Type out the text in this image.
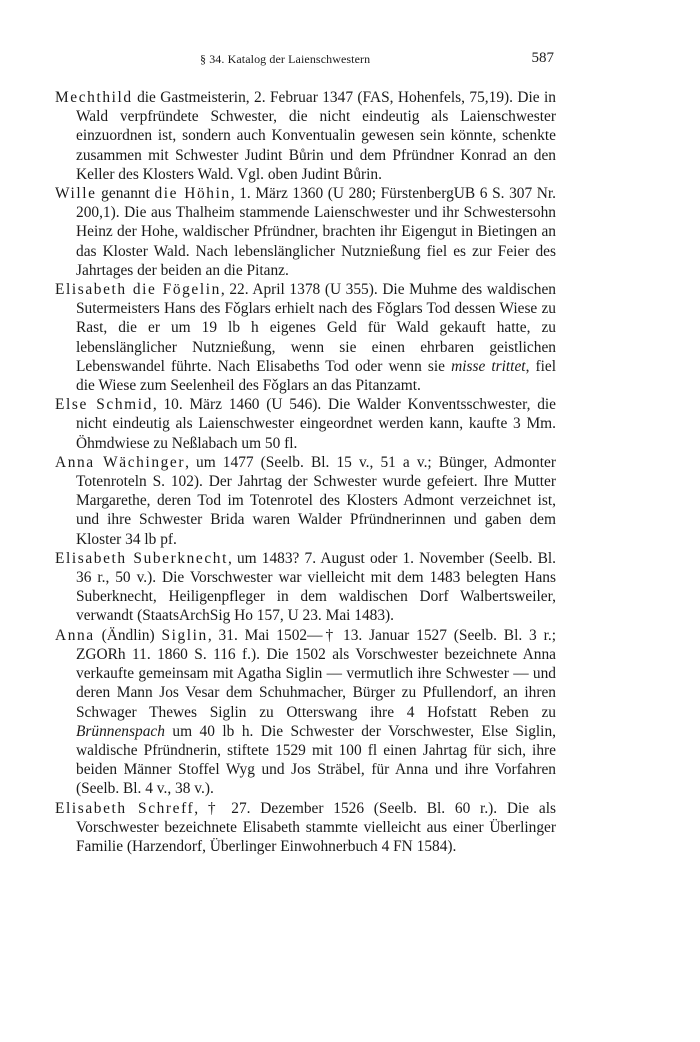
§ 34. Katalog der Laienschwestern	587

Mechthild die Gastmeisterin, 2. Februar 1347 (FAS, Hohenfels, 75,19). Die in Wald verpfründete Schwester, die nicht eindeutig als Laienschwester einzuordnen ist, sondern auch Konventualin gewesen sein könnte, schenkte zusammen mit Schwester Judint Bůrin und dem Pfründner Konrad an den Keller des Klosters Wald. Vgl. oben Judint Bůrin.

Wille genannt die Höhin, 1. März 1360 (U 280; FürstenbergUB 6 S. 307 Nr. 200,1). Die aus Thalheim stammende Laienschwester und ihr Schwestersohn Heinz der Hohe, waldischer Pfründner, brachten ihr Eigengut in Bietingen an das Kloster Wald. Nach lebenslänglicher Nutznießung fiel es zur Feier des Jahrtages der beiden an die Pitanz.

Elisabeth die Fögelin, 22. April 1378 (U 355). Die Muhme des waldischen Sutermeisters Hans des Fǒglars erhielt nach des Fǒglars Tod dessen Wiese zu Rast, die er um 19 lb h eigenes Geld für Wald gekauft hatte, zu lebenslänglicher Nutznießung, wenn sie einen ehrbaren geistlichen Lebenswandel führte. Nach Elisabeths Tod oder wenn sie misse trittet, fiel die Wiese zum Seelenheil des Fǒglars an das Pitanzamt.

Else Schmid, 10. März 1460 (U 546). Die Walder Konventsschwester, die nicht eindeutig als Laienschwester eingeordnet werden kann, kaufte 3 Mm. Öhmdwiese zu Neßlabach um 50 fl.

Anna Wächinger, um 1477 (Seelb. Bl. 15 v., 51 a v.; Bünger, Admonter Totenroteln S. 102). Der Jahrtag der Schwester wurde gefeiert. Ihre Mutter Margarethe, deren Tod im Totenrotel des Klosters Admont verzeichnet ist, und ihre Schwester Brida waren Walder Pfründnerinnen und gaben dem Kloster 34 lb pf.

Elisabeth Suberknecht, um 1483? 7. August oder 1. November (Seelb. Bl. 36 r., 50 v.). Die Vorschwester war vielleicht mit dem 1483 belegten Hans Suberknecht, Heiligenpfleger in dem waldischen Dorf Walbertsweiler, verwandt (StaatsArchSig Ho 157, U 23. Mai 1483).

Anna (Ändlin) Siglin, 31. Mai 1502—† 13. Januar 1527 (Seelb. Bl. 3 r.; ZGORh 11. 1860 S. 116 f.). Die 1502 als Vorschwester bezeichnete Anna verkaufte gemeinsam mit Agatha Siglin — vermutlich ihre Schwester — und deren Mann Jos Vesar dem Schuhmacher, Bürger zu Pfullendorf, an ihren Schwager Thewes Siglin zu Otterswang ihre 4 Hofstatt Reben zu Brünnenspach um 40 lb h. Die Schwester der Vorschwester, Else Siglin, waldische Pfründnerin, stiftete 1529 mit 100 fl einen Jahrtag für sich, ihre beiden Männer Stoffel Wyg und Jos Sträbel, für Anna und ihre Vorfahren (Seelb. Bl. 4 v., 38 v.).

Elisabeth Schreff, † 27. Dezember 1526 (Seelb. Bl. 60 r.). Die als Vorschwester bezeichnete Elisabeth stammte vielleicht aus einer Überlinger Familie (Harzendorf, Überlinger Einwohnerbuch 4 FN 1584).
